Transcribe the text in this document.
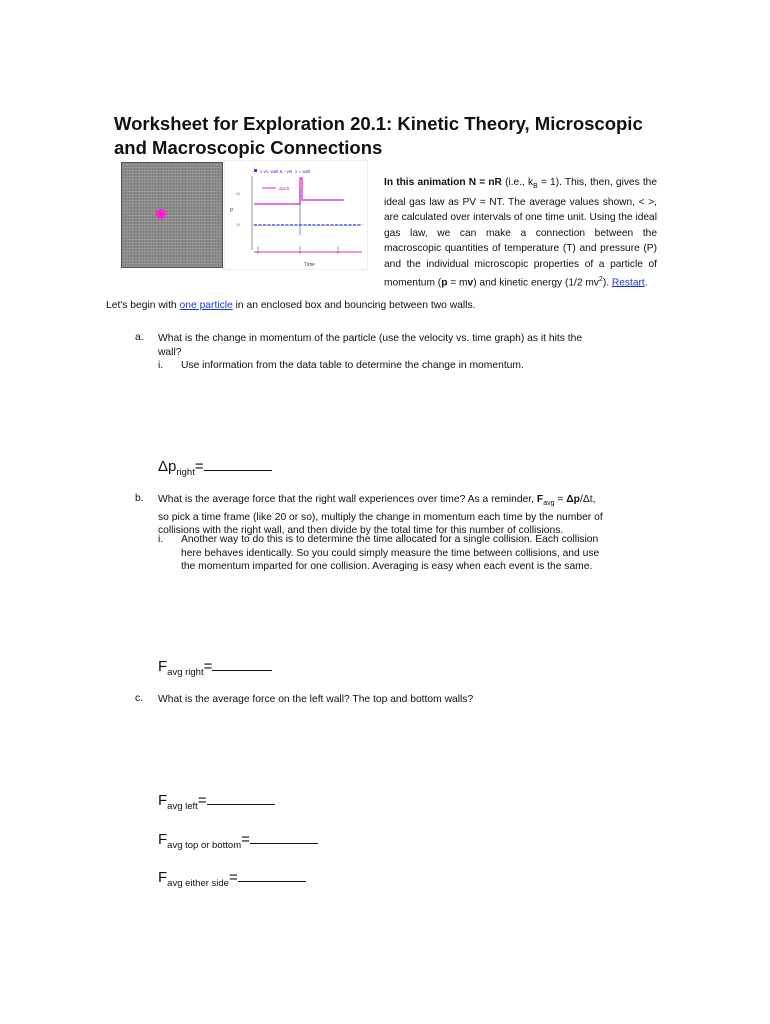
Worksheet for Exploration 20.1: Kinetic Theory, Microscopic and Macroscopic Connections
v vs. wall & - vel. 1 = wall
dp/dt
P
10
10
Time
In this animation N = nR (i.e., $k_B = 1$). This, then, gives the ideal gas law as PV = NT. The average values shown, < >, are calculated over intervals of one time unit. Using the ideal gas law, we can make a connection between the macroscopic quantities of temperature (T) and pressure (P) and the individual microscopic properties of a particle of momentum (p = mv) and kinetic energy (1/2 $mv^2$). Restart.
Let's begin with one particle in an enclosed box and bouncing between two walls.
a. What is the change in momentum of the particle (use the velocity vs. time graph) as it hits the
wall?
i. Use information from the data table to determine the change in momentum.
$\Delta p_{right}=$
b. What is the average force that the right wall experiences over time? As a reminder, $F_{avg} = \Delta p/\Delta t$,
so pick a time frame (like 20 or so), multiply the change in momentum each time by the number of
collisions with the right wall, and then divide by the total time for this number of collisions.
i. Another way to do this is to determine the time allocated for a single collision. Each collision
here behaves identically. So you could simply measure the time between collisions, and use
the momentum imparted for one collision. Averaging is easy when each event is the same.
$F_{avg right}=$
c. What is the average force on the left wall? The top and bottom walls?
$F_{avg left}=$
$F_{avg top or bottom}=$
$F_{avg either side}=$
